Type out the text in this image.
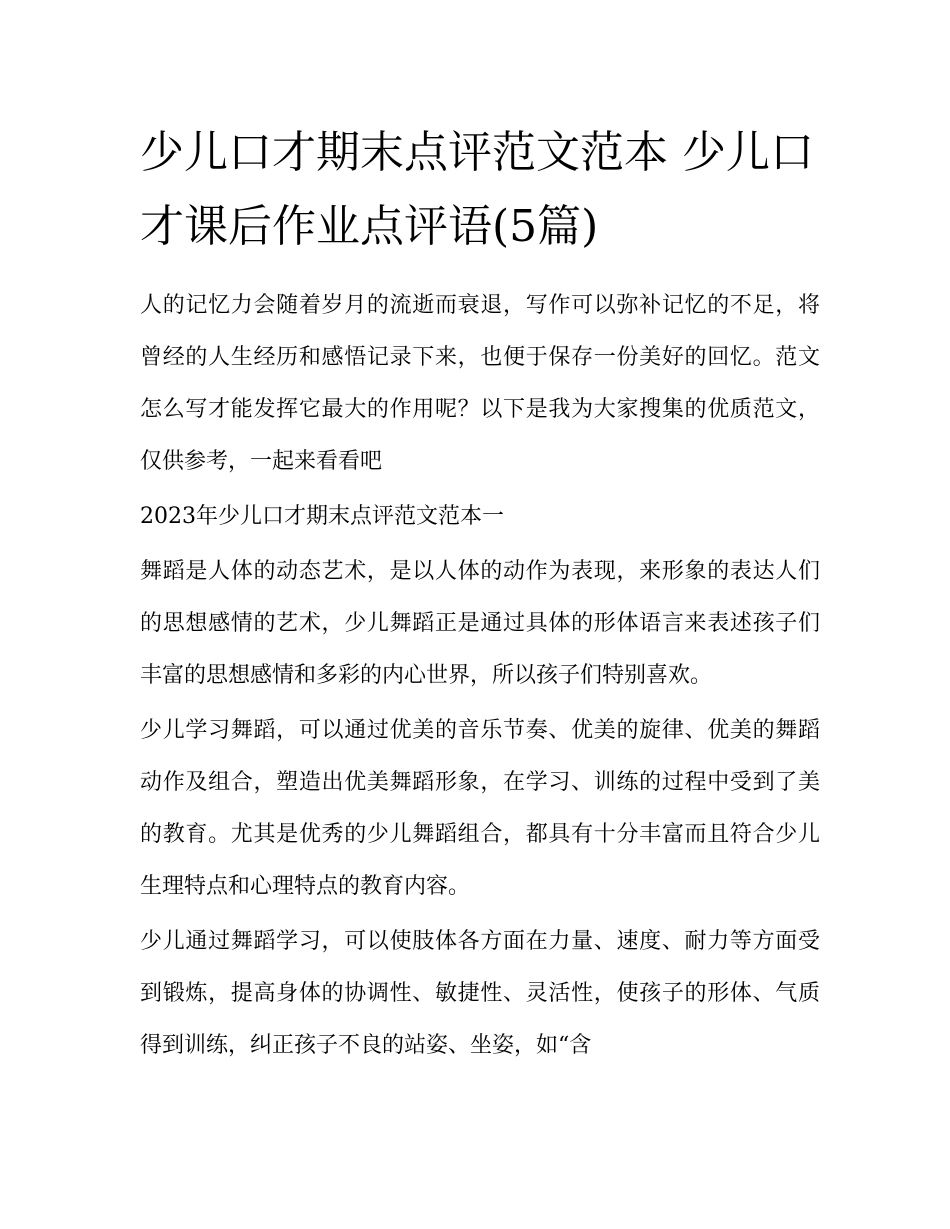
少儿口才期末点评范文范本 少儿口才课后作业点评语(5篇)

人的记忆力会随着岁月的流逝而衰退，写作可以弥补记忆的不足，将曾经的人生经历和感悟记录下来，也便于保存一份美好的回忆。范文怎么写才能发挥它最大的作用呢？以下是我为大家搜集的优质范文，仅供参考，一起来看看吧

2023年少儿口才期末点评范文范本一

舞蹈是人体的动态艺术，是以人体的动作为表现，来形象的表达人们的思想感情的艺术，少儿舞蹈正是通过具体的形体语言来表述孩子们丰富的思想感情和多彩的内心世界，所以孩子们特别喜欢。

少儿学习舞蹈，可以通过优美的音乐节奏、优美的旋律、优美的舞蹈动作及组合，塑造出优美舞蹈形象，在学习、训练的过程中受到了美的教育。尤其是优秀的少儿舞蹈组合，都具有十分丰富而且符合少儿生理特点和心理特点的教育内容。

少儿通过舞蹈学习，可以使肢体各方面在力量、速度、耐力等方面受到锻炼，提高身体的协调性、敏捷性、灵活性，使孩子的形体、气质得到训练，纠正孩子不良的站姿、坐姿，如“含
